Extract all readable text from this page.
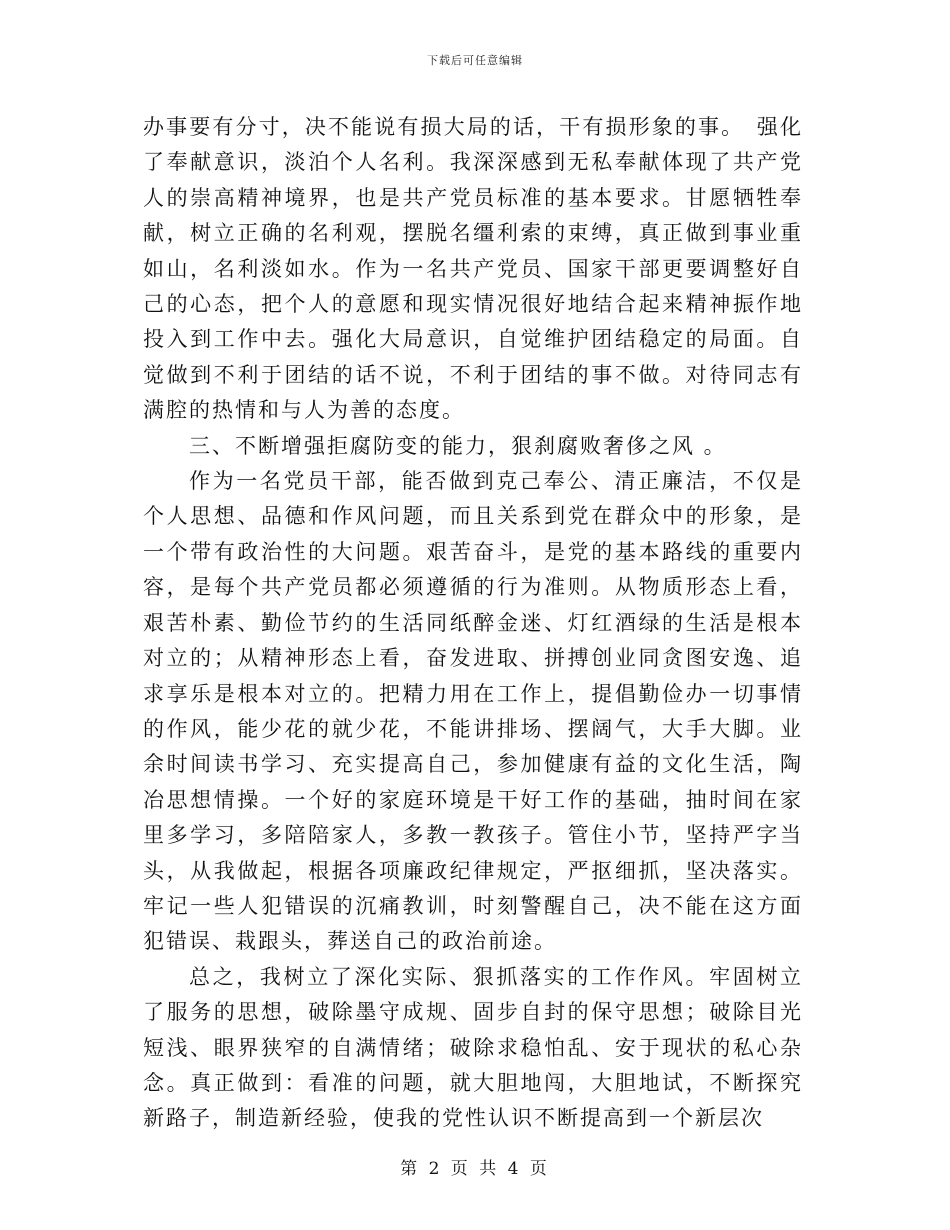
下载后可任意编辑

办事要有分寸，决不能说有损大局的话，干有损形象的事。　强化了奉献意识，淡泊个人名利。我深深感到无私奉献体现了共产党人的崇高精神境界，也是共产党员标准的基本要求。甘愿牺牲奉献，树立正确的名利观，摆脱名缰利索的束缚，真正做到事业重如山，名利淡如水。作为一名共产党员、国家干部更要调整好自己的心态，把个人的意愿和现实情况很好地结合起来精神振作地投入到工作中去。强化大局意识，自觉维护团结稳定的局面。自觉做到不利于团结的话不说，不利于团结的事不做。对待同志有满腔的热情和与人为善的态度。

三、不断增强拒腐防变的能力，狠刹腐败奢侈之风 。

作为一名党员干部，能否做到克己奉公、清正廉洁，不仅是个人思想、品德和作风问题，而且关系到党在群众中的形象，是一个带有政治性的大问题。艰苦奋斗，是党的基本路线的重要内容，是每个共产党员都必须遵循的行为准则。从物质形态上看，艰苦朴素、勤俭节约的生活同纸醉金迷、灯红酒绿的生活是根本对立的；从精神形态上看，奋发进取、拼搏创业同贪图安逸、追求享乐是根本对立的。把精力用在工作上，提倡勤俭办一切事情的作风，能少花的就少花，不能讲排场、摆阔气，大手大脚。业余时间读书学习、充实提高自己，参加健康有益的文化生活，陶冶思想情操。一个好的家庭环境是干好工作的基础，抽时间在家里多学习，多陪陪家人，多教一教孩子。管住小节，坚持严字当头，从我做起，根据各项廉政纪律规定，严抠细抓，坚决落实。牢记一些人犯错误的沉痛教训，时刻警醒自己，决不能在这方面犯错误、栽跟头，葬送自己的政治前途。

总之，我树立了深化实际、狠抓落实的工作作风。牢固树立了服务的思想，破除墨守成规、固步自封的保守思想；破除目光短浅、眼界狭窄的自满情绪；破除求稳怕乱、安于现状的私心杂念。真正做到：看准的问题，就大胆地闯，大胆地试，不断探究新路子，制造新经验，使我的党性认识不断提高到一个新层次

第 2 页 共 4 页
